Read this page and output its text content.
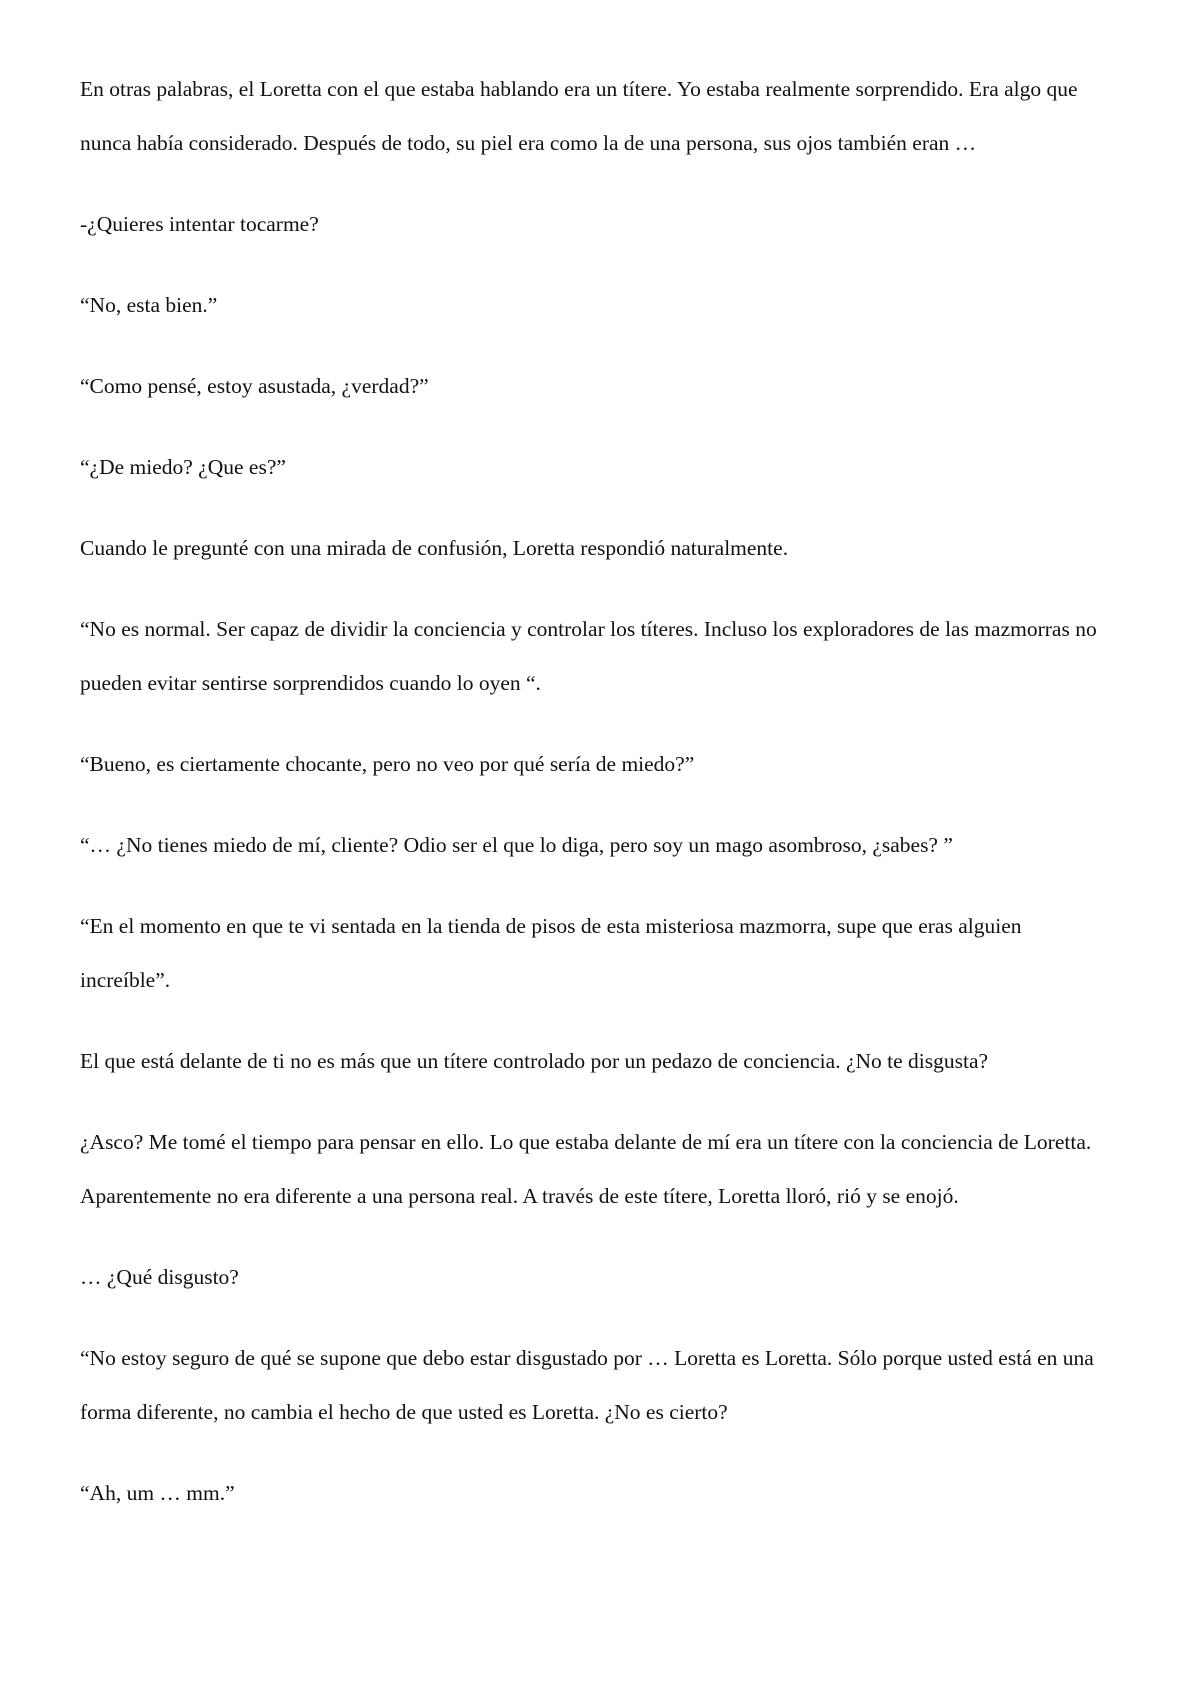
En otras palabras, el Loretta con el que estaba hablando era un títere. Yo estaba realmente sorprendido. Era algo que nunca había considerado. Después de todo, su piel era como la de una persona, sus ojos también eran …

-¿Quieres intentar tocarme?

“No, esta bien.”

“Como pensé, estoy asustada, ¿verdad?”

“¿De miedo? ¿Que es?”

Cuando le pregunté con una mirada de confusión, Loretta respondió naturalmente.

“No es normal. Ser capaz de dividir la conciencia y controlar los títeres. Incluso los exploradores de las mazmorras no pueden evitar sentirse sorprendidos cuando lo oyen “.

“Bueno, es ciertamente chocante, pero no veo por qué sería de miedo?”

“… ¿No tienes miedo de mí, cliente? Odio ser el que lo diga, pero soy un mago asombroso, ¿sabes? ”

“En el momento en que te vi sentada en la tienda de pisos de esta misteriosa mazmorra, supe que eras alguien increíble”.

El que está delante de ti no es más que un títere controlado por un pedazo de conciencia. ¿No te disgusta?

¿Asco? Me tomé el tiempo para pensar en ello. Lo que estaba delante de mí era un títere con la conciencia de Loretta. Aparentemente no era diferente a una persona real. A través de este títere, Loretta lloró, rió y se enojó.

… ¿Qué disgusto?

“No estoy seguro de qué se supone que debo estar disgustado por … Loretta es Loretta. Sólo porque usted está en una forma diferente, no cambia el hecho de que usted es Loretta. ¿No es cierto?

“Ah, um … mm.”
